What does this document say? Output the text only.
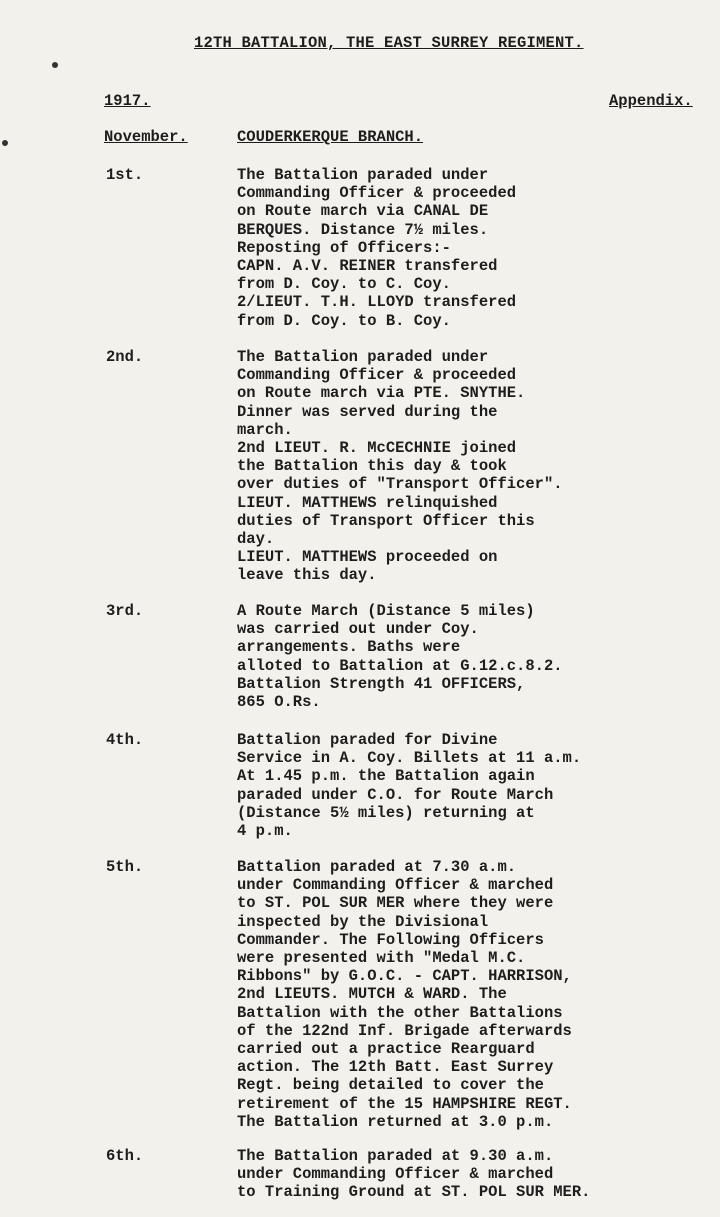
12TH BATTALION, THE EAST SURREY REGIMENT.
1917.	Appendix.
November.	COUDERKERQUE BRANCH.
1st.	The Battalion paraded under
Commanding Officer & proceeded
on Route march via CANAL DE
BERQUES. Distance 7½ miles.
Reposting of Officers:-
CAPN. A.V. REINER transfered
from D. Coy. to C. Coy.
2/LIEUT. T.H. LLOYD transfered
from D. Coy. to B. Coy.
2nd.	The Battalion paraded under
Commanding Officer & proceeded
on Route march via PTE. SNYTHE.
Dinner was served during the
march.
2nd LIEUT. R. McCECHNIE joined
the Battalion this day & took
over duties of "Transport Officer".
LIEUT. MATTHEWS relinquished
duties of Transport Officer this
day.
LIEUT. MATTHEWS proceeded on
leave this day.
3rd.	A Route March (Distance 5 miles)
was carried out under Coy.
arrangements. Baths were
alloted to Battalion at G.12.c.8.2.
Battalion Strength 41 OFFICERS,
865 O.Rs.
4th.	Battalion paraded for Divine
Service in A. Coy. Billets at 11 a.m.
At 1.45 p.m. the Battalion again
paraded under C.O. for Route March
(Distance 5½ miles) returning at
4 p.m.
5th.	Battalion paraded at 7.30 a.m.
under Commanding Officer & marched
to ST. POL SUR MER where they were
inspected by the Divisional
Commander. The Following Officers
were presented with "Medal M.C.
Ribbons" by G.O.C. - CAPT. HARRISON,
2nd LIEUTS. MUTCH & WARD. The
Battalion with the other Battalions
of the 122nd Inf. Brigade afterwards
carried out a practice Rearguard
action. The 12th Batt. East Surrey
Regt. being detailed to cover the
retirement of the 15 HAMPSHIRE REGT.
The Battalion returned at 3.0 p.m.
6th.	The Battalion paraded at 9.30 a.m.
under Commanding Officer & marched
to Training Ground at ST. POL SUR MER.
